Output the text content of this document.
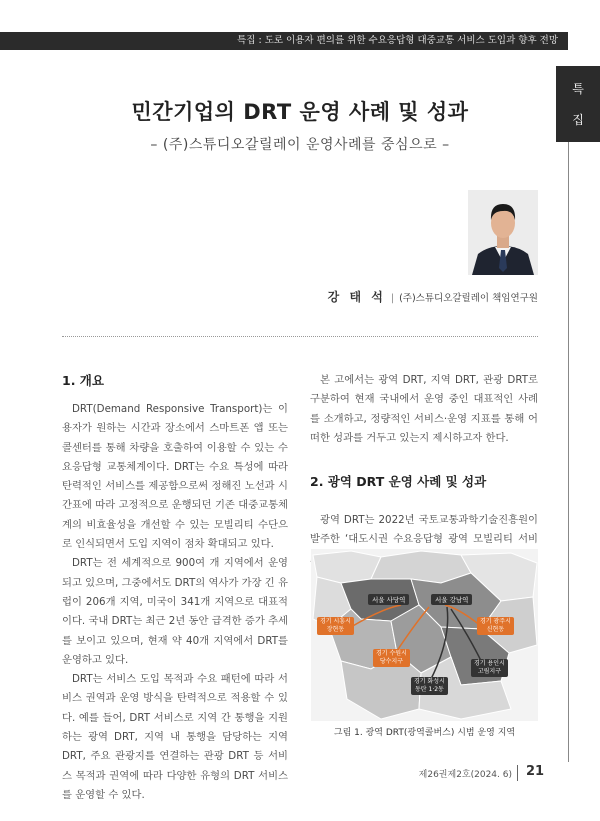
특집 : 도로 이용자 편의를 위한 수요응답형 대중교통 서비스 도입과 향후 전망
특
집
민간기업의 DRT 운영 사례 및 성과
– (주)스튜디오갈릴레이 운영사례를 중심으로 –
강 태 석 | (주)스튜디오갈릴레이 책임연구원
1. 개요

DRT(Demand Responsive Transport)는 이용자가 원하는 시간과 장소에서 스마트폰 앱 또는 콜센터를 통해 차량을 호출하여 이용할 수 있는 수요응답형 교통체계이다. DRT는 수요 특성에 따라 탄력적인 서비스를 제공함으로써 정해진 노선과 시간표에 따라 고정적으로 운행되던 기존 대중교통체계의 비효율성을 개선할 수 있는 모빌리티 수단으로 인식되면서 도입 지역이 점차 확대되고 있다.

DRT는 전 세계적으로 900여 개 지역에서 운영되고 있으며, 그중에서도 DRT의 역사가 가장 긴 유럽이 206개 지역, 미국이 341개 지역으로 대표적이다. 국내 DRT는 최근 2년 동안 급격한 증가 추세를 보이고 있으며, 현재 약 40개 지역에서 DRT를 운영하고 있다.

DRT는 서비스 도입 목적과 수요 패턴에 따라 서비스 권역과 운영 방식을 탄력적으로 적용할 수 있다. 예를 들어, DRT 서비스로 지역 간 통행을 지원하는 광역 DRT, 지역 내 통행을 담당하는 지역 DRT, 주요 관광지를 연결하는 관광 DRT 등 서비스 목적과 권역에 따라 다양한 유형의 DRT 서비스를 운영할 수 있다.

본 고에서는 광역 DRT, 지역 DRT, 관광 DRT로 구분하여 현재 국내에서 운영 중인 대표적인 사례를 소개하고, 정량적인 서비스·운영 지표를 통해 어떠한 성과를 거두고 있는지 제시하고자 한다.

2. 광역 DRT 운영 사례 및 성과

광역 DRT는 2022년 국토교통과학기술진흥원이 발주한 ‘대도시권 수요응답형 광역 모빌리티 서비

서울 사당역	서울 강남역
경기 시흥시
장현동
경기 광주시
신현동
경기 수원시
당수지구	경기 용인시
고림지구
경기 화성시
동탄 1·2동
그림 1. 광역 DRT(광역콜버스) 시범 운영 지역
제26권제2호(2024. 6) 21
